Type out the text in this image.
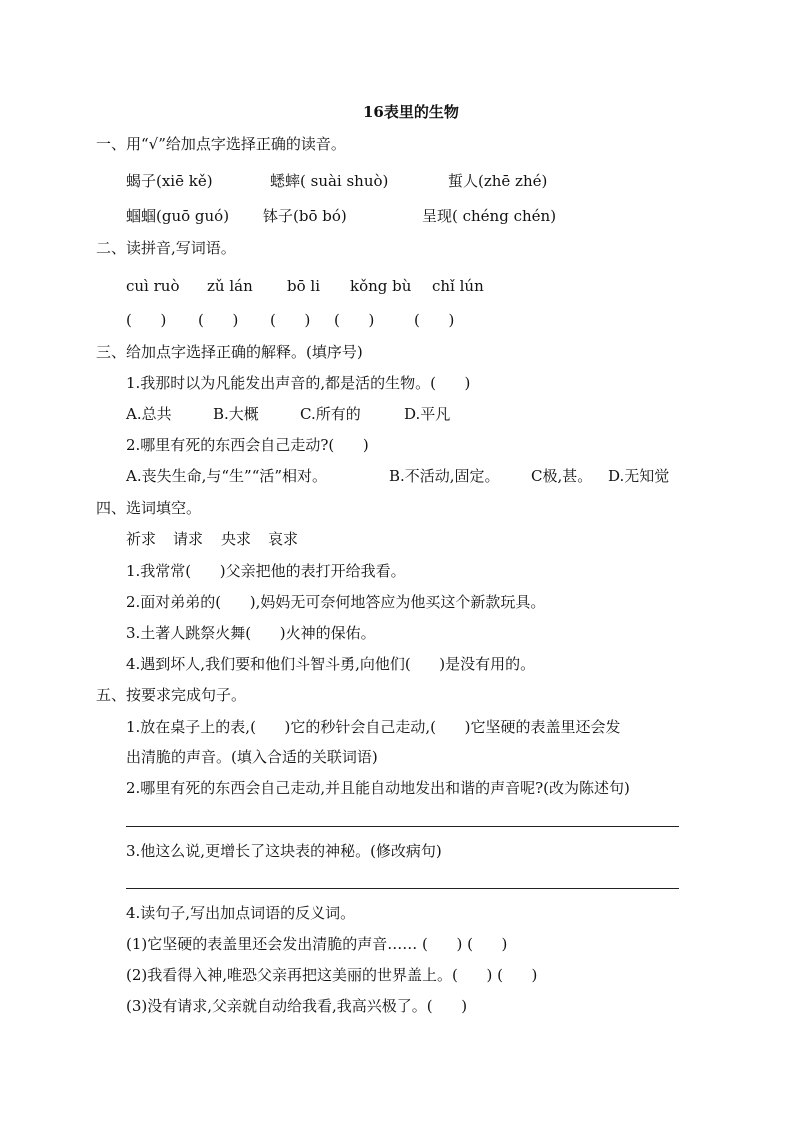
16表里的生物
一、用“√”给加点字选择正确的读音。
蝎子(xiē kě)	蟋蟀( suài shuò)	蜇人(zhē zhé)
蝈蝈(guō guó) 钵子(bō bó)	呈现( chéng chén)
二、读拼音,写词语。
cuì ruò zǔ lán bō li kǒng bù chǐ lún
(      ) (      ) (      ) (      )	(      )
三、给加点字选择正确的解释。(填序号)
1.我那时以为凡能发出声音的,都是活的生物。(      )
A.总共	B.大概	C.所有的	D.平凡
2.哪里有死的东西会自己走动?(      )
A.丧失生命,与“生”“活”相对。	B.不活动,固定。 C极,甚。 D.无知觉
四、选词填空。
祈求 请求 央求 哀求
1.我常常(      )父亲把他的表打开给我看。
2.面对弟弟的(      ),妈妈无可奈何地答应为他买这个新款玩具。
3.土著人跳祭火舞(      )火神的保佑。
4.遇到坏人,我们要和他们斗智斗勇,向他们(      )是没有用的。
五、按要求完成句子。
1.放在桌子上的表,(      )它的秒针会自己走动,(      )它坚硬的表盖里还会发
出清脆的声音。(填入合适的关联词语)
2.哪里有死的东西会自己走动,并且能自动地发出和谐的声音呢?(改为陈述句)
3.他这么说,更增长了这块表的神秘。(修改病句)
4.读句子,写出加点词语的反义词。
(1)它坚硬的表盖里还会发出清脆的声音…… (      ) (      )
(2)我看得入神,唯恐父亲再把这美丽的世界盖上。(      ) (      )
(3)没有请求,父亲就自动给我看,我高兴极了。(      )
